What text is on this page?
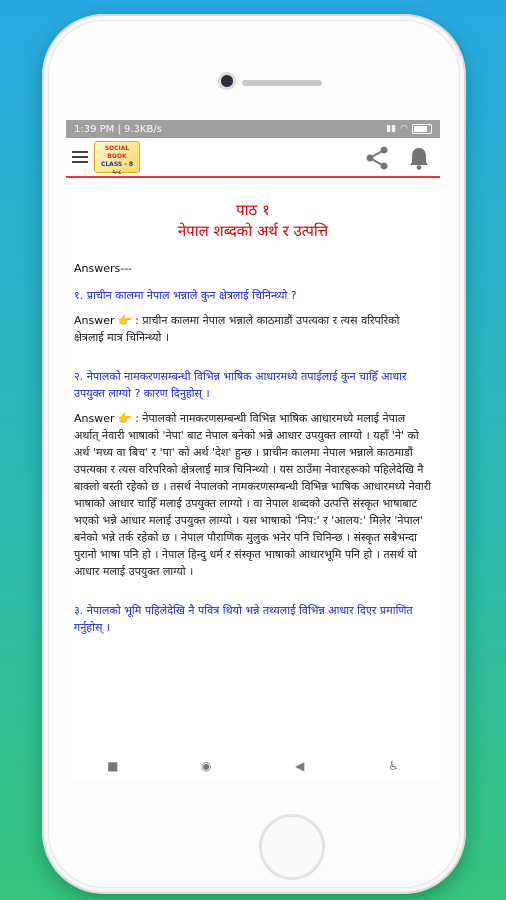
1:39 PM | 9.3KB/s	▮▮ ◠
SOCIAL BOOK
CLASS - 8
५-८
पाठ १
नेपाल शब्दको अर्थ र उत्पत्ति
Answers---
१. प्राचीन कालमा नेपाल भन्नाले कुन क्षेत्रलाई चिनिन्थ्यो ?
Answer 👉 : प्राचीन कालमा नेपाल भन्नाले काठमाडौं उपत्यका र त्यस वरिपरिको क्षेत्रलाई मात्र चिनिन्थ्यो ।
२. नेपालको नामकरणसम्बन्धी विभिन्न भाषिक आधारमध्ये तपाईलाई कुन चाहिँ आधार उपयुक्त लाग्यो ? कारण दिनुहोस् ।
Answer 👉 : नेपालको नामकरणसम्बन्धी विभिन्न भाषिक आधारमध्ये मलाई नेपाल अर्थात् नेवारी भाषाको 'नेपा' बाट नेपाल बनेको भन्ने आधार उपयुक्त लाग्यो । यहाँ 'ने' को अर्थ 'मध्य वा बिच' र 'पा' को अर्थ 'देश' हुन्छ । प्राचीन कालमा नेपाल भन्नाले काठमाडौं उपत्यका र त्यस वरिपरिको क्षेत्रलाई मात्र चिनिन्थ्यो । यस ठाउँमा नेवारहरूको पहिलेदेखि नै बाक्लो बस्ती रहेको छ । तसर्थ नेपालको नामकरणसम्बन्धी विभिन्न भाषिक आधारमध्ये नेवारी भाषाको आधार चाहिँ मलाई उपयुक्त लाग्यो । वा नेपाल शब्दको उत्पत्ति संस्कृत भाषाबाट भएको भन्ने आधार मलाई उपयुक्त लाग्यो । यस भाषाको 'निप:' र 'आलय:' मिलेर 'नेपाल' बनेको भन्ने तर्क रहेको छ । नेपाल पौराणिक मुलुक भनेर पनि चिनिन्छ । संस्कृत सबैभन्दा पुरानो भाषा पनि हो । नेपाल हिन्दु धर्म र संस्कृत भाषाको आधारभूमि पनि हो । तसर्थ यो आधार मलाई उपयुक्त लाग्यो ।
३. नेपालको भूमि पहिलेदेखि नै पवित्र थियो भन्ने तथ्यलाई विभिन्न आधार दिएर प्रमाणित गर्नुहोस् ।
■	◉	◀	♿
